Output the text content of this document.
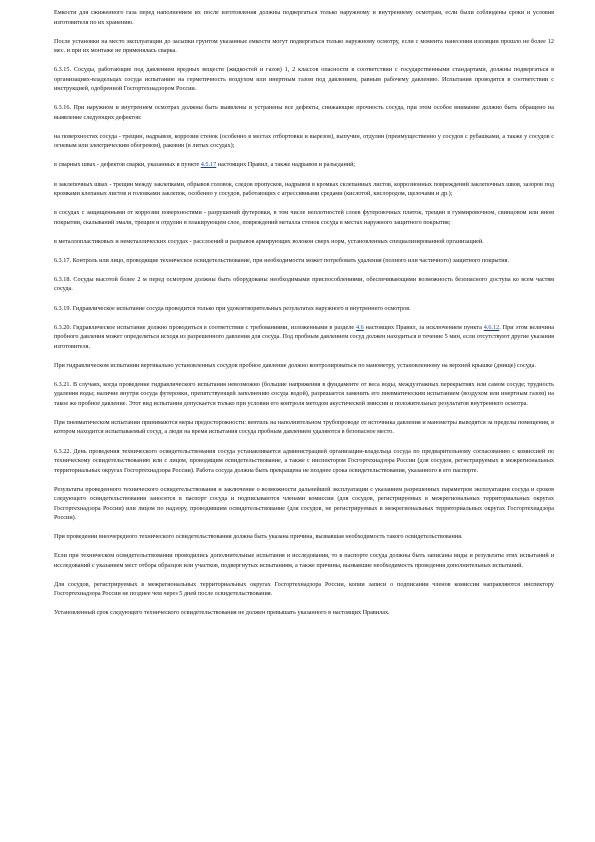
Емкости для сжиженного газа перед наполнением их после изготовления должны подвергаться только наружному и внутреннему осмотрам, если были соблюдены сроки и условия изготовителя по их хранению.

После установки на место эксплуатации до засыпки грунтом указанные емкости могут подвергаться только наружному осмотру, если с момента нанесения изоляции прошло не более 12 мес. и при их монтаже не применялась сварка.

6.3.15. Сосуды, работающие под давлением вредных веществ (жидкостей и газов) 1, 2 классов опасности в соответствии с государственными стандартами, должны подвергаться в организациях-владельцах сосуда испытанию на герметичность воздухом или инертным газом под давлением, равным рабочему давлению. Испытания проводятся в соответствии с инструкцией, одобренной Госгортехнадзором России.

6.3.16. При наружном и внутреннем осмотрах должны быть выявлены и устранены все дефекты, снижающие прочность сосуда, при этом особое внимание должно быть обращено на выявление следующих дефектов:

на поверхностях сосуда - трещин, надрывов, коррозии стенок (особенно в местах отбортовки и вырезов), выпучин, отдулин (преимущественно у сосудов с рубашками, а также у сосудов с огневым или электрическим обогревом), раковин (в литых сосудах);

в сварных швах - дефектов сварки, указанных в пункте 4.5.17 настоящих Правил, а также надрывов и разъеданий;

в заклепочных швах - трещин между заклепками, обрывов головок, следов пропусков, надрывов в кромках склепанных листов, коррозионных повреждений заклепочных швов, зазоров под кромками клепаных листов и головками заклепок, особенно у сосудов, работающих с агрессивными средами (кислотой, кислородом, щелочами и др.);

в сосудах с защищенными от коррозии поверхностями - разрушений футеровки, в том числе неплотностей слоев футеровочных плиток, трещин в гуммировочном, свинцовом или ином покрытии, скалываний эмали, трещин и отдулин в плакирующем слое, повреждений металла стенок сосуда в местах наружного защитного покрытия;

в металлопластиковых и неметаллических сосудах - расслоений и разрывов армирующих волокон сверх норм, установленных специализированной организацией.

6.3.17. Контроль или лицо, проводящие техническое освидетельствование, при необходимости может потребовать удаления (полного или частичного) защитного покрытия.

6.3.18. Сосуды высотой более 2 м перед осмотром должны быть оборудованы необходимыми приспособлениями, обеспечивающими возможность безопасного доступа ко всем частям сосуда.

6.3.19. Гидравлическое испытание сосуда проводится только при удовлетворительных результатах наружного и внутреннего осмотров.

6.3.20. Гидравлическое испытание должно проводиться в соответствии с требованиями, изложенными в разделе 4.6 настоящих Правил, за исключением пункта 4.6.12. При этом величина пробного давления может определяться исходя из разрешенного давления для сосуда. Под пробным давлением сосуд должен находиться в течение 5 мин, если отсутствуют другие указания изготовителя.

При гидравлическом испытании вертикально установленных сосудов пробное давление должно контролироваться по манометру, установленному на верхней крышке (днище) сосуда.

6.3.21. В случаях, когда проведение гидравлического испытания невозможно (большие напряжения в фундаменте от веса воды, междуэтажных перекрытиях или самом сосуде; трудность удаления воды; наличие внутри сосуда футеровки, препятствующей заполнению сосуда водой), разрешается заменять его пневматическим испытанием (воздухом или инертным газом) на такое же пробное давление. Этот вид испытания допускается только при условии его контроля методом акустической эмиссии и положительных результатов внутреннего осмотра.

При пневматическом испытании принимаются меры предосторожности: вентиль на наполнительном трубопроводе от источника давления и манометры выводятся за пределы помещения, в котором находится испытываемый сосуд, а люди на время испытания сосуда пробным давлением удаляются в безопасное место.

6.3.22. День проведения технического освидетельствования сосуда устанавливается администрацией организации-владельца сосуда по предварительному согласованию с комиссией по техническому освидетельствованию или с лицом, проводящим освидетельствование, а также с инспектором Госгортехнадзора России (для сосудов, регистрируемых в межрегиональных территориальных округах Госгортехнадзора России). Работа сосуда должна быть прекращена не позднее срока освидетельствования, указанного в его паспорте.

Результаты проведенного технического освидетельствования и заключение о возможности дальнейшей эксплуатации с указанием разрешенных параметров эксплуатации сосуда и сроков следующего освидетельствования заносятся в паспорт сосуда и подписываются членами комиссии (для сосудов, регистрируемых в межрегиональных территориальных округах Госгортехнадзора России) или лицом по надзору, проводившим освидетельствование (для сосудов, не регистрируемых в межрегиональных территориальных округах Госгортехнадзора России).

При проведении внеочередного технического освидетельствования должна быть указана причина, вызвавшая необходимость такого освидетельствования.

Если при техническом освидетельствовании проводились дополнительные испытания и исследования, то в паспорте сосуда должны быть записаны виды и результаты этих испытаний и исследований с указанием мест отбора образцов или участков, подвергнутых испытаниям, а также причины, вызвавшие необходимость проведения дополнительных испытаний.

Для сосудов, регистрируемых в межрегиональных территориальных округах Госгортехнадзора России, копии записи о подписании членов комиссии направляются инспектору Госгортехнадзора России не позднее чем через 5 дней после освидетельствования.

Установленный срок следующего технического освидетельствования не должен превышать указанного в настоящих Правилах.
